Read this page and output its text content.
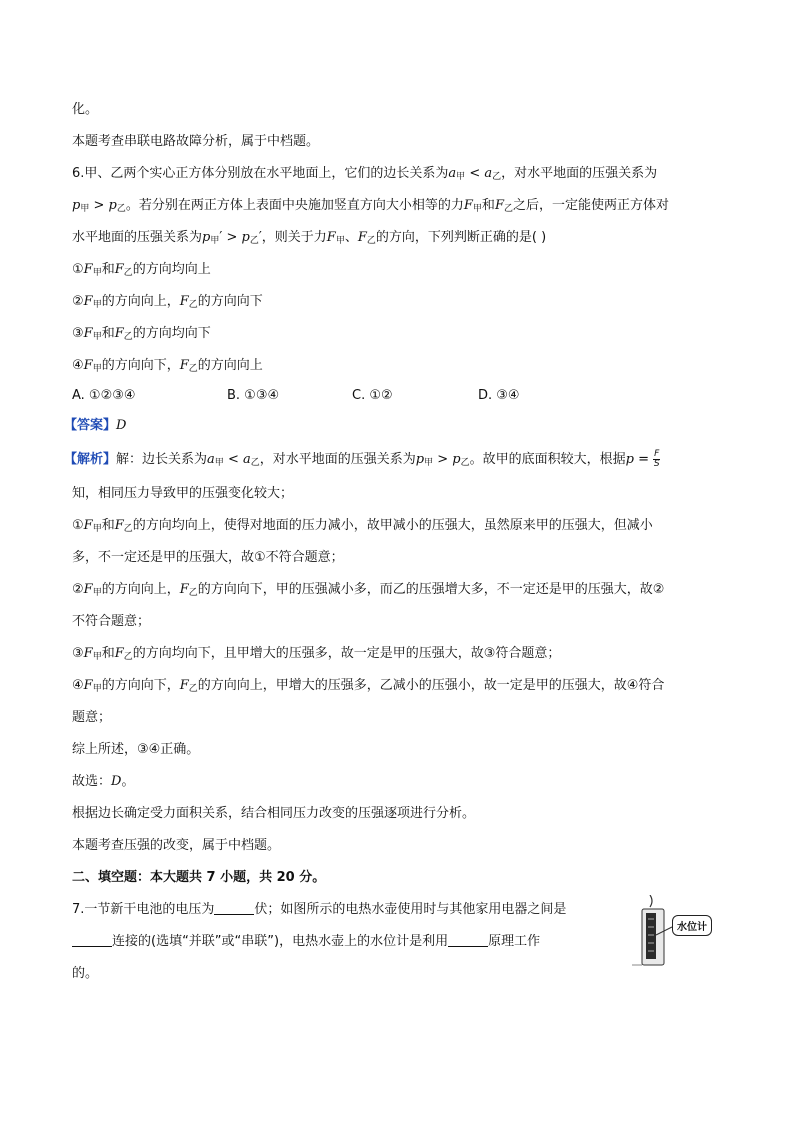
化。
本题考查串联电路故障分析，属于中档题。
6.甲、乙两个实心正方体分别放在水平地面上，它们的边长关系为$a_甲 < a_乙$，对水平地面的压强关系为
$p_甲 > p_乙$。若分别在两正方体上表面中央施加竖直方向大小相等的力$F_甲$和$F_乙$之后，一定能使两正方体对
水平地面的压强关系为$p_甲' > p_乙'$，则关于力$F_甲$、$F_乙$的方向，下列判断正确的是( )
$①F_甲$和$F_乙$的方向均向上
$②F_甲$的方向向上，$F_乙$的方向向下
$③F_甲$和$F_乙$的方向均向下
$④F_甲$的方向向下，$F_乙$的方向向上
A. ①②③④	B. ①③④	C. ①②	D. ③④
【答案】D
【解析】解：边长关系为$a_甲 < a_乙$，对水平地面的压强关系为$p_甲 > p_乙$。故甲的底面积较大，根据$p = \frac{F}{S}$
知，相同压力导致甲的压强变化较大；
$①F_甲$和$F_乙$的方向均向上，使得对地面的压力减小，故甲减小的压强大，虽然原来甲的压强大，但减小
多，不一定还是甲的压强大，故①不符合题意；
$②F_甲$的方向向上，$F_乙$的方向向下，甲的压强减小多，而乙的压强增大多，不一定还是甲的压强大，故②
不符合题意；
$③F_甲$和$F_乙$的方向均向下，且甲增大的压强多，故一定是甲的压强大，故③符合题意；
$④F_甲$的方向向下，$F_乙$的方向向上，甲增大的压强多，乙减小的压强小，故一定是甲的压强大，故④符合
题意；
综上所述，③④正确。
故选：D。
根据边长确定受力面积关系，结合相同压力改变的压强逐项进行分析。
本题考查压强的改变，属于中档题。
二、填空题：本大题共 7 小题，共 20 分。
7.一节新干电池的电压为	伏；如图所示的电热水壶使用时与其他家用电器之间是
连接的(选填“并联”或“串联”)，电热水壶上的水位计是利用	原理工作
的。
水位计
